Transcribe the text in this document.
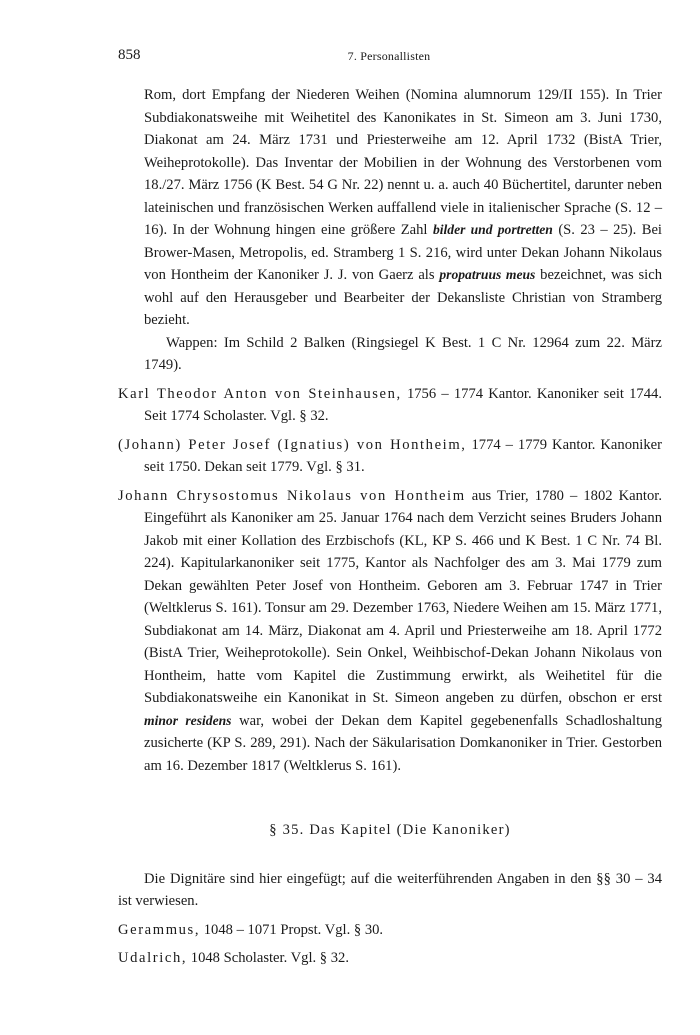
858	7. Personallisten

Rom, dort Empfang der Niederen Weihen (Nomina alumnorum 129/II 155). In Trier Subdiakonatsweihe mit Weihetitel des Kanonikates in St. Simeon am 3. Juni 1730, Diakonat am 24. März 1731 und Priesterweihe am 12. April 1732 (BistA Trier, Weiheprotokolle). Das Inventar der Mobilien in der Wohnung des Verstorbenen vom 18./27. März 1756 (K Best. 54 G Nr. 22) nennt u. a. auch 40 Büchertitel, darunter neben lateinischen und französischen Werken auffallend viele in italienischer Sprache (S. 12 – 16). In der Wohnung hingen eine größere Zahl bilder und portretten (S. 23 – 25). Bei Brower-Masen, Metropolis, ed. Stramberg 1 S. 216, wird unter Dekan Johann Nikolaus von Hontheim der Kanoniker J. J. von Gaerz als propatruus meus bezeichnet, was sich wohl auf den Herausgeber und Bearbeiter der Dekansliste Christian von Stramberg bezieht.

Wappen: Im Schild 2 Balken (Ringsiegel K Best. 1 C Nr. 12964 zum 22. März 1749).

Karl Theodor Anton von Steinhausen, 1756 – 1774 Kantor. Kanoniker seit 1744. Seit 1774 Scholaster. Vgl. § 32.

(Johann) Peter Josef (Ignatius) von Hontheim, 1774 – 1779 Kantor. Kanoniker seit 1750. Dekan seit 1779. Vgl. § 31.

Johann Chrysostomus Nikolaus von Hontheim aus Trier, 1780 – 1802 Kantor. Eingeführt als Kanoniker am 25. Januar 1764 nach dem Verzicht seines Bruders Johann Jakob mit einer Kollation des Erzbischofs (KL, KP S. 466 und K Best. 1 C Nr. 74 Bl. 224). Kapitularkanoniker seit 1775, Kantor als Nachfolger des am 3. Mai 1779 zum Dekan gewählten Peter Josef von Hontheim. Geboren am 3. Februar 1747 in Trier (Weltklerus S. 161). Tonsur am 29. Dezember 1763, Niedere Weihen am 15. März 1771, Subdiakonat am 14. März, Diakonat am 4. April und Priesterweihe am 18. April 1772 (BistA Trier, Weiheprotokolle). Sein Onkel, Weihbischof-Dekan Johann Nikolaus von Hontheim, hatte vom Kapitel die Zustimmung erwirkt, als Weihetitel für die Subdiakonatsweihe ein Kanonikat in St. Simeon angeben zu dürfen, obschon er erst minor residens war, wobei der Dekan dem Kapitel gegebenenfalls Schadloshaltung zusicherte (KP S. 289, 291). Nach der Säkularisation Domkanoniker in Trier. Gestorben am 16. Dezember 1817 (Weltklerus S. 161).

§ 35. Das Kapitel (Die Kanoniker)

Die Dignitäre sind hier eingefügt; auf die weiterführenden Angaben in den §§ 30 – 34 ist verwiesen.

Gerammus, 1048 – 1071 Propst. Vgl. § 30.

Udalrich, 1048 Scholaster. Vgl. § 32.
